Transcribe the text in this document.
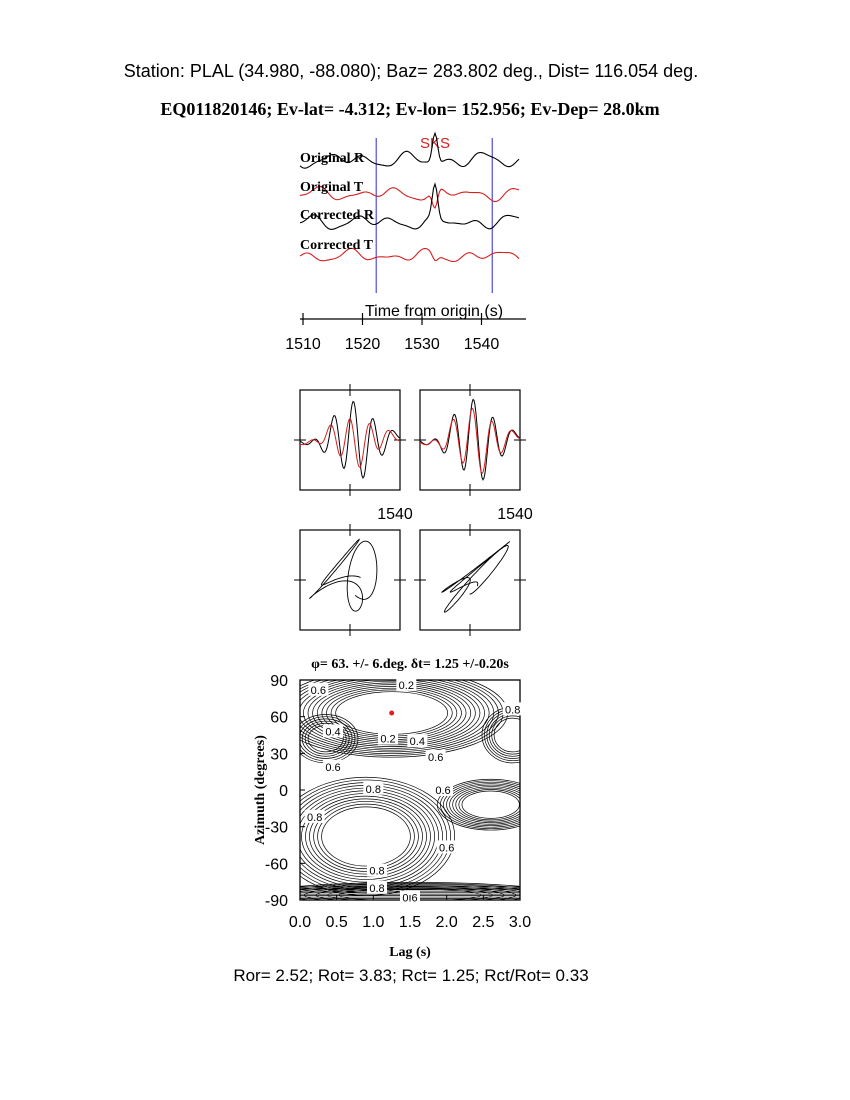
Station: PLAL (34.980, -88.080); Baz= 283.802 deg., Dist= 116.054 deg.
EQ011820146; Ev-lat= -4.312; Ev-lon= 152.956; Ev-Dep= 28.0km
SKS
Original R
Original T
Corrected R
Corrected T
Time from origin (s)
1510 1520 1530 1540
1540	1540
φ= 63. +/- 6.deg. δt= 1.25 +/-0.20s
0.2
0.2 0.4
0.4
0.6
0.6
0.8
0.8
0.6
0.8
0.6
0.8
0.8
0.6
0.6
0.0 0.5 1.0 1.5 2.0 2.5 3.0
90
60
30
0
-30
-60
-90
Lag (s)
Azimuth (degrees)
Ror= 2.52; Rot= 3.83; Rct= 1.25; Rct/Rot= 0.33
